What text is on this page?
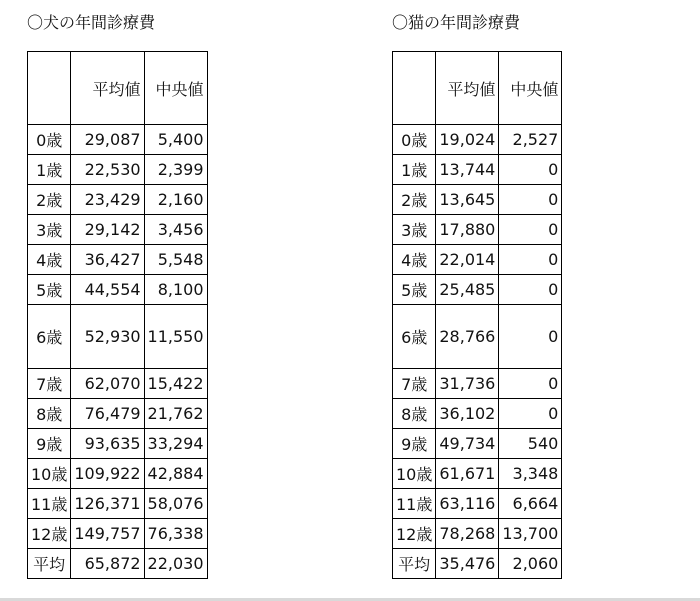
〇犬の年間診療費
	平均値	中央値
0歳	29,087	5,400
1歳	22,530	2,399
2歳	23,429	2,160
3歳	29,142	3,456
4歳	36,427	5,548
5歳	44,554	8,100
6歳	52,930	11,550
7歳	62,070	15,422
8歳	76,479	21,762
9歳	93,635	33,294
10歳	109,922	42,884
11歳	126,371	58,076
12歳	149,757	76,338
平均	65,872	22,030
〇猫の年間診療費
	平均値	中央値
0歳	19,024	2,527
1歳	13,744	0
2歳	13,645	0
3歳	17,880	0
4歳	22,014	0
5歳	25,485	0
6歳	28,766	0
7歳	31,736	0
8歳	36,102	0
9歳	49,734	540
10歳	61,671	3,348
11歳	63,116	6,664
12歳	78,268	13,700
平均	35,476	2,060
